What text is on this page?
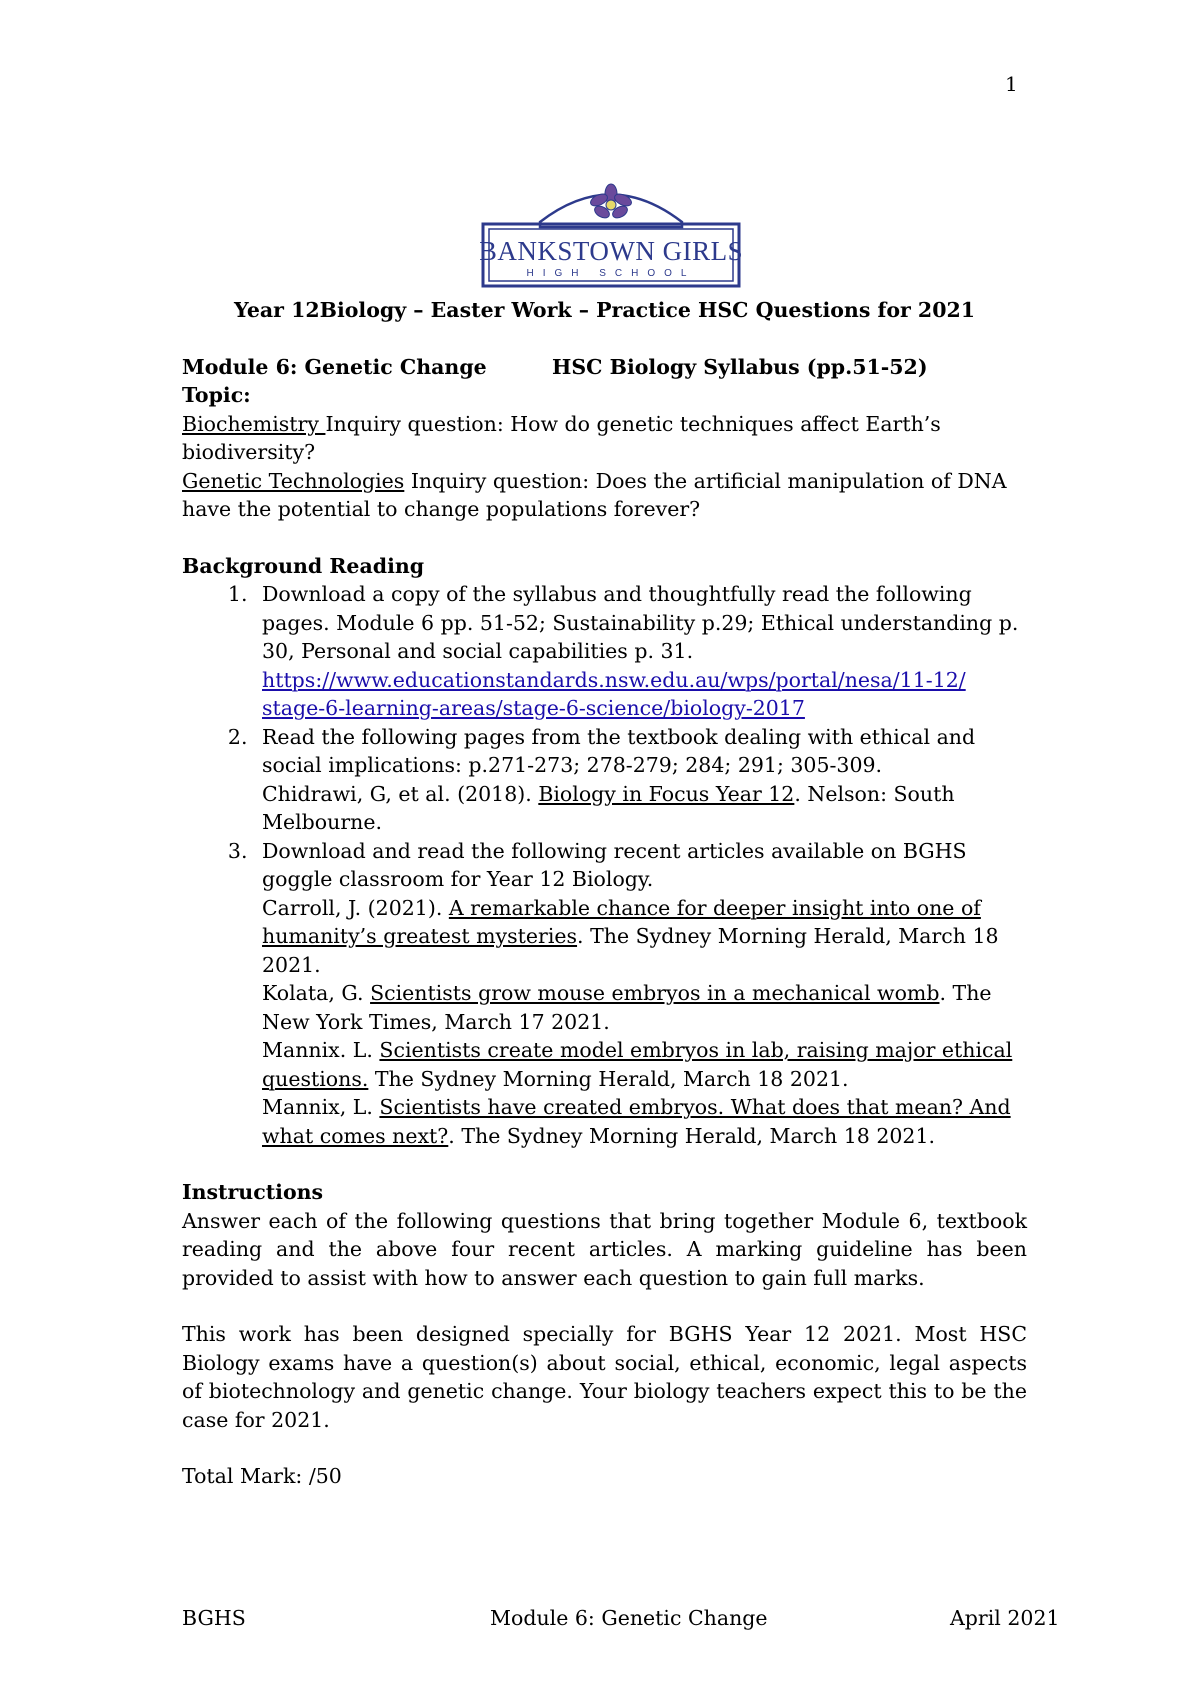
1
BANKSTOWN GIRLS
HIGH SCHOOL
Year 12Biology – Easter Work – Practice HSC Questions for 2021
Module 6: Genetic Change	HSC Biology Syllabus (pp.51-52)
Topic:
Biochemistry Inquiry question: How do genetic techniques affect Earth’s biodiversity?
Genetic Technologies Inquiry question: Does the artificial manipulation of DNA have the potential to change populations forever?
Background Reading
1. Download a copy of the syllabus and thoughtfully read the following pages. Module 6 pp. 51-52; Sustainability p.29; Ethical understanding p. 30, Personal and social capabilities p. 31.
https://www.educationstandards.nsw.edu.au/wps/portal/nesa/11-12/
stage-6-learning-areas/stage-6-science/biology-2017
2. Read the following pages from the textbook dealing with ethical and social implications: p.271-273; 278-279; 284; 291; 305-309.
Chidrawi, G, et al. (2018). Biology in Focus Year 12. Nelson: South Melbourne.
3. Download and read the following recent articles available on BGHS goggle classroom for Year 12 Biology.
Carroll, J. (2021). A remarkable chance for deeper insight into one of humanity’s greatest mysteries. The Sydney Morning Herald, March 18 2021.
Kolata, G. Scientists grow mouse embryos in a mechanical womb. The New York Times, March 17 2021.
Mannix. L. Scientists create model embryos in lab, raising major ethical questions. The Sydney Morning Herald, March 18 2021.
Mannix, L. Scientists have created embryos. What does that mean? And what comes next?. The Sydney Morning Herald, March 18 2021.
Instructions
Answer each of the following questions that bring together Module 6, textbook reading and the above four recent articles. A marking guideline has been provided to assist with how to answer each question to gain full marks.
This work has been designed specially for BGHS Year 12 2021. Most HSC Biology exams have a question(s) about social, ethical, economic, legal aspects of biotechnology and genetic change. Your biology teachers expect this to be the case for 2021.
Total Mark: /50
BGHS	Module 6: Genetic Change	April 2021
